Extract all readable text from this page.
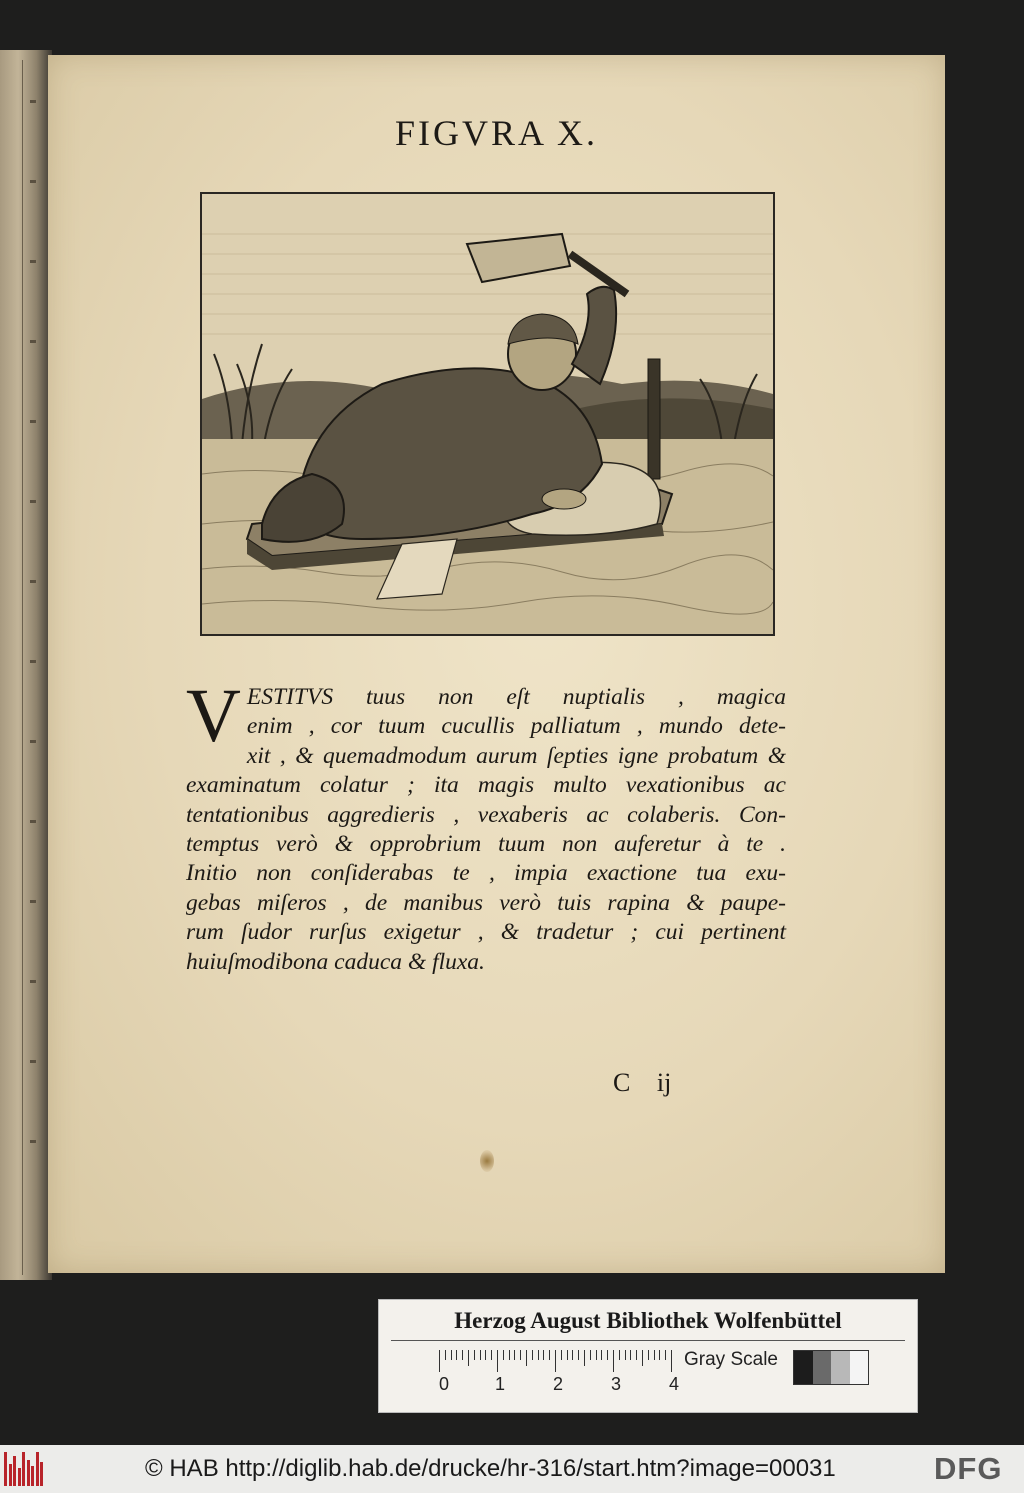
FIGVRA X.
V ESTITVS tuus non eſt nuptialis , magica
enim , cor tuum cucullis palliatum , mundo dete-
xit , & quemadmodum aurum ſepties igne probatum &
examinatum colatur ; ita magis multo vexationibus ac
tentationibus aggredieris , vexaberis ac colaberis. Con-
temptus verò & opprobrium tuum non auferetur à te .
Initio non conſiderabas te , impia exactione tua exu-
gebas miſeros , de manibus verò tuis rapina & paupe-
rum ſudor rurſus exigetur , & tradetur ; cui pertinent
huiuſmodibona caduca & fluxa.
C ij
Herzog August Bibliothek Wolfenbüttel
0	1	2	3	4
Gray Scale
© HAB http://diglib.hab.de/drucke/hr-316/start.htm?image=00031	DFG
